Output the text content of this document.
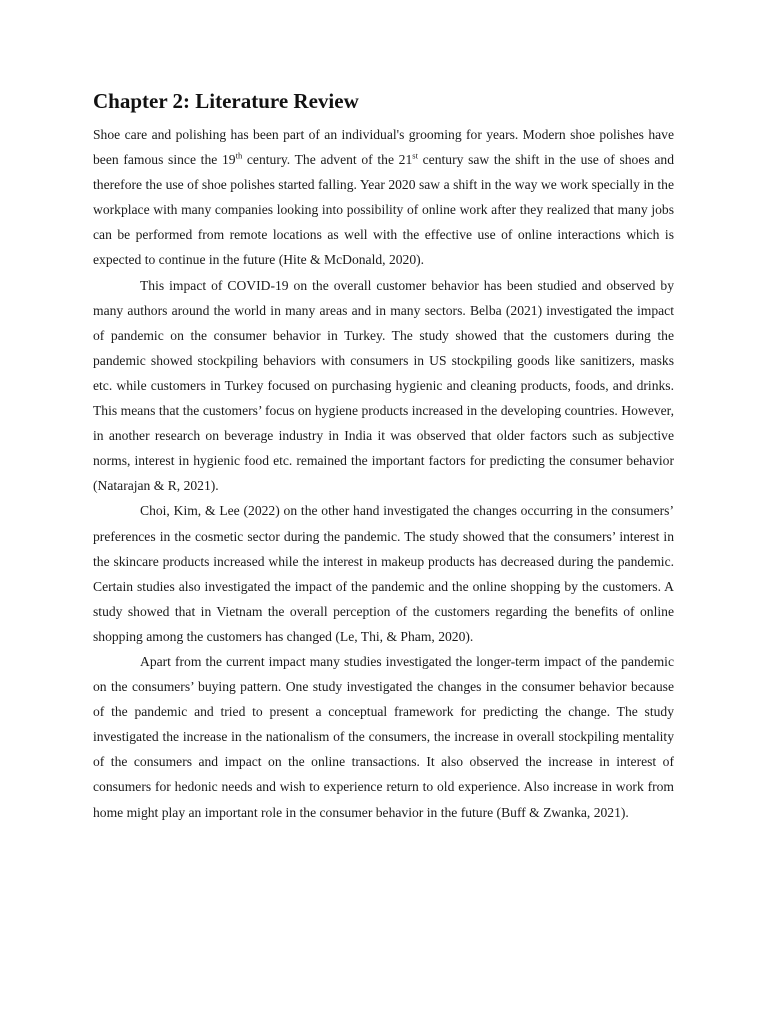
Chapter 2: Literature Review

Shoe care and polishing has been part of an individual's grooming for years. Modern shoe polishes have been famous since the 19th century. The advent of the 21st century saw the shift in the use of shoes and therefore the use of shoe polishes started falling. Year 2020 saw a shift in the way we work specially in the workplace with many companies looking into possibility of online work after they realized that many jobs can be performed from remote locations as well with the effective use of online interactions which is expected to continue in the future (Hite & McDonald, 2020).

This impact of COVID-19 on the overall customer behavior has been studied and observed by many authors around the world in many areas and in many sectors. Belba (2021) investigated the impact of pandemic on the consumer behavior in Turkey. The study showed that the customers during the pandemic showed stockpiling behaviors with consumers in US stockpiling goods like sanitizers, masks etc. while customers in Turkey focused on purchasing hygienic and cleaning products, foods, and drinks. This means that the customers’ focus on hygiene products increased in the developing countries. However, in another research on beverage industry in India it was observed that older factors such as subjective norms, interest in hygienic food etc. remained the important factors for predicting the consumer behavior (Natarajan & R, 2021).

Choi, Kim, & Lee (2022) on the other hand investigated the changes occurring in the consumers’ preferences in the cosmetic sector during the pandemic. The study showed that the consumers’ interest in the skincare products increased while the interest in makeup products has decreased during the pandemic. Certain studies also investigated the impact of the pandemic and the online shopping by the customers. A study showed that in Vietnam the overall perception of the customers regarding the benefits of online shopping among the customers has changed (Le, Thi, & Pham, 2020).

Apart from the current impact many studies investigated the longer-term impact of the pandemic on the consumers’ buying pattern. One study investigated the changes in the consumer behavior because of the pandemic and tried to present a conceptual framework for predicting the change. The study investigated the increase in the nationalism of the consumers, the increase in overall stockpiling mentality of the consumers and impact on the online transactions. It also observed the increase in interest of consumers for hedonic needs and wish to experience return to old experience. Also increase in work from home might play an important role in the consumer behavior in the future (Buff & Zwanka, 2021).
